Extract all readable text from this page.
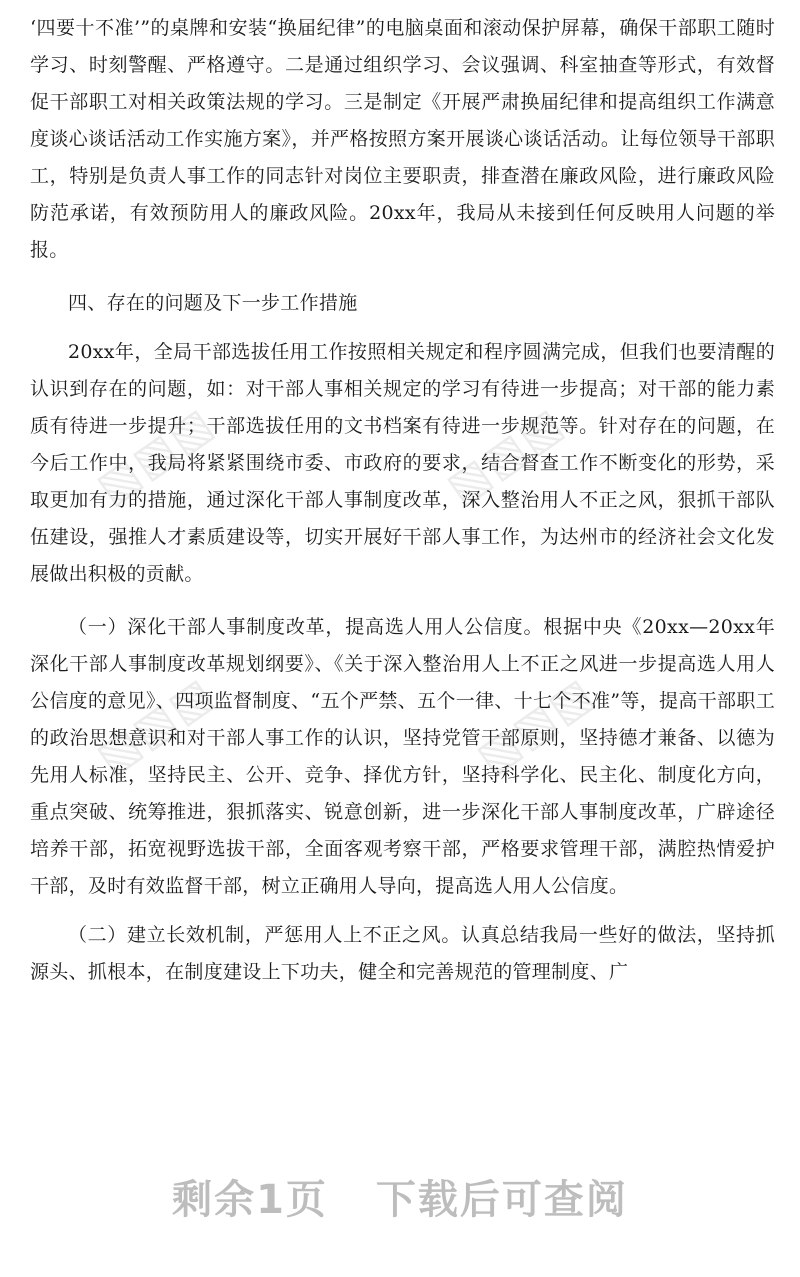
▧▧▧	▧▧▧
▧▧▧	▧▧▧

‘四要十不准’”的桌牌和安装“换届纪律”的电脑桌面和滚动保护屏幕，确保干部职工随时学习、时刻警醒、严格遵守。二是通过组织学习、会议强调、科室抽查等形式，有效督促干部职工对相关政策法规的学习。三是制定《开展严肃换届纪律和提高组织工作满意度谈心谈话活动工作实施方案》，并严格按照方案开展谈心谈话活动。让每位领导干部职工，特别是负责人事工作的同志针对岗位主要职责，排查潜在廉政风险，进行廉政风险防范承诺，有效预防用人的廉政风险。20xx年，我局从未接到任何反映用人问题的举报。

四、存在的问题及下一步工作措施

20xx年，全局干部选拔任用工作按照相关规定和程序圆满完成，但我们也要清醒的认识到存在的问题，如：对干部人事相关规定的学习有待进一步提高；对干部的能力素质有待进一步提升；干部选拔任用的文书档案有待进一步规范等。针对存在的问题，在今后工作中，我局将紧紧围绕市委、市政府的要求，结合督查工作不断变化的形势，采取更加有力的措施，通过深化干部人事制度改革，深入整治用人不正之风，狠抓干部队伍建设，强推人才素质建设等，切实开展好干部人事工作，为达州市的经济社会文化发展做出积极的贡献。

（一）深化干部人事制度改革，提高选人用人公信度。根据中央《20xx—20xx年深化干部人事制度改革规划纲要》、《关于深入整治用人上不正之风进一步提高选人用人公信度的意见》、四项监督制度、“五个严禁、五个一律、十七个不准”等，提高干部职工的政治思想意识和对干部人事工作的认识，坚持党管干部原则，坚持德才兼备、以德为先用人标准，坚持民主、公开、竞争、择优方针，坚持科学化、民主化、制度化方向，重点突破、统筹推进，狠抓落实、锐意创新，进一步深化干部人事制度改革，广辟途径培养干部，拓宽视野选拔干部，全面客观考察干部，严格要求管理干部，满腔热情爱护干部，及时有效监督干部，树立正确用人导向，提高选人用人公信度。

（二）建立长效机制，严惩用人上不正之风。认真总结我局一些好的做法，坚持抓源头、抓根本，在制度建设上下功夫，健全和完善规范的管理制度、广

剩余1页 下载后可查阅
